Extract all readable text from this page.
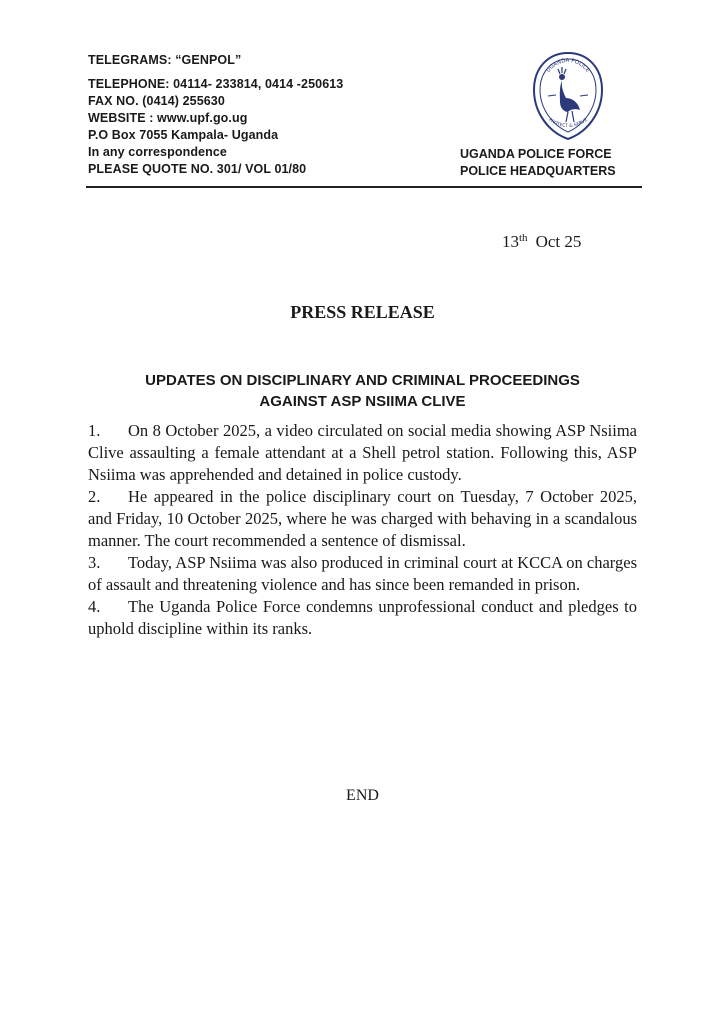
TELEGRAMS: “GENPOL”
TELEPHONE: 04114- 233814, 0414 -250613
FAX NO. (0414) 255630
WEBSITE : www.upf.go.ug
P.O Box 7055 Kampala- Uganda
In any correspondence
PLEASE QUOTE NO. 301/ VOL 01/80
UGANDA POLICE
PROTECT & SERVE
UGANDA POLICE FORCE
POLICE HEADQUARTERS
13th Oct 25
PRESS RELEASE
UPDATES ON DISCIPLINARY AND CRIMINAL PROCEEDINGS
AGAINST ASP NSIIMA CLIVE

1. On 8 October 2025, a video circulated on social media showing ASP Nsiima Clive assaulting a female attendant at a Shell petrol station. Following this, ASP Nsiima was apprehended and detained in police custody.

2. He appeared in the police disciplinary court on Tuesday, 7 October 2025, and Friday, 10 October 2025, where he was charged with behaving in a scandalous manner. The court recommended a sentence of dismissal.

3. Today, ASP Nsiima was also produced in criminal court at KCCA on charges of assault and threatening violence and has since been remanded in prison.

4. The Uganda Police Force condemns unprofessional conduct and pledges to uphold discipline within its ranks.

END
